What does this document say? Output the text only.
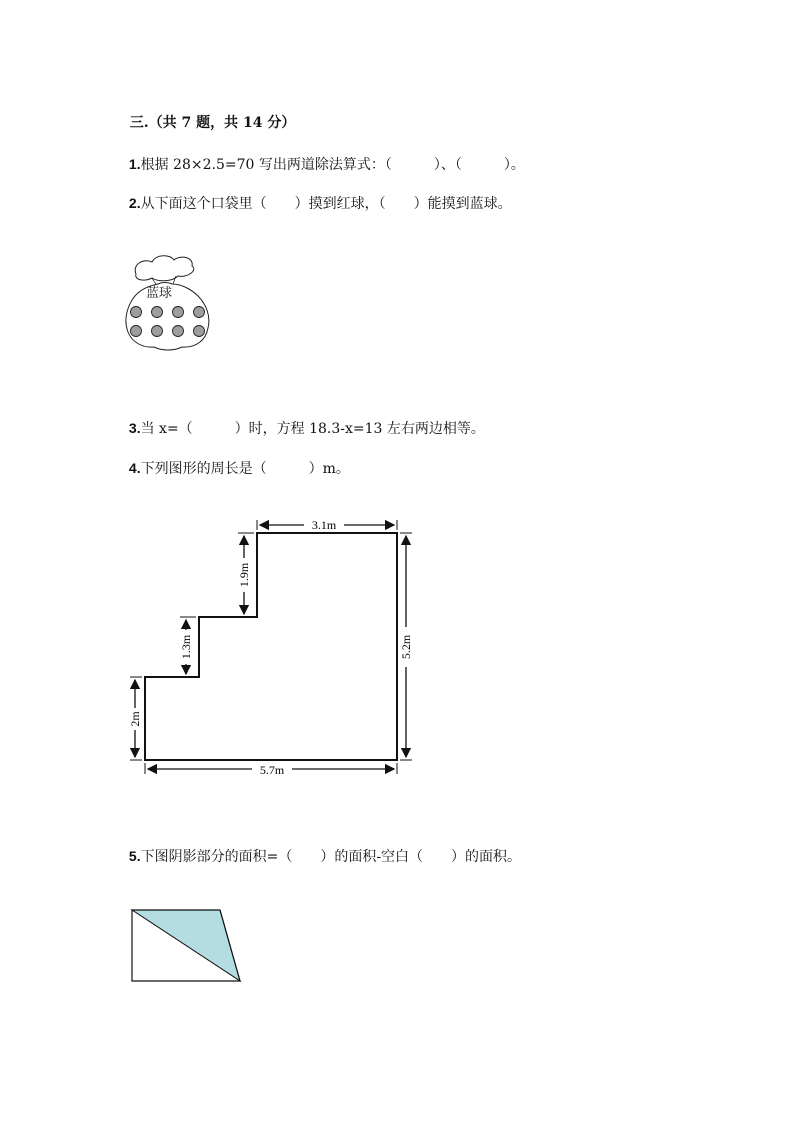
三.（共 7 题，共 14 分）

1.根据 28×2.5=70 写出两道除法算式：（　　　）、（　　　）。

2.从下面这个口袋里（　　）摸到红球，（　　）能摸到蓝球。

蓝球

3.当 x=（　　　）时，方程 18.3-x=13 左右两边相等。

4.下列图形的周长是（　　　）m。

3.1m
5.2m
5.7m
2m
1.3m
1.9m

5.下图阴影部分的面积=（　　）的面积-空白（　　）的面积。
